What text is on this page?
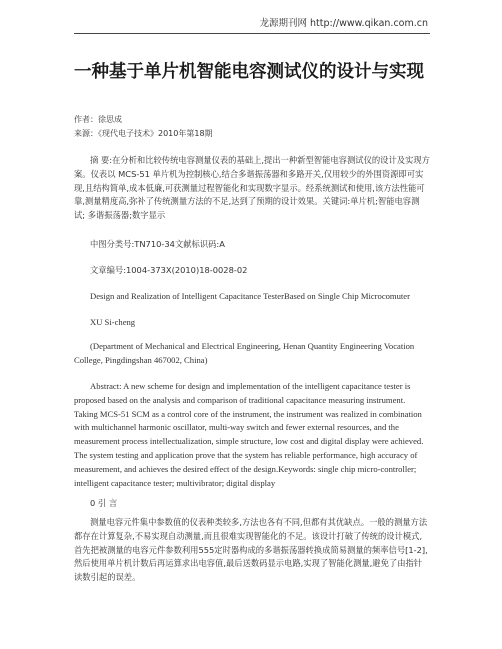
龙源期刊网 http://www.qikan.com.cn
一种基于单片机智能电容测试仪的设计与实现
作者：徐思成
来源：《现代电子技术》2010年第18期

摘 要:在分析和比较传统电容测量仪表的基础上,提出一种新型智能电容测试仪的设计及实现方案。仪表以 MCS-51 单片机为控制核心,结合多谐振荡器和多路开关,仅用较少的外围资源即可实现,且结构简单,成本低廉,可获测量过程智能化和实现数字显示。经系统测试和使用,该方法性能可靠,测量精度高,弥补了传统测量方法的不足,达到了预期的设计效果。关键词:单片机;智能电容测试; 多谐振荡器;数字显示

中图分类号:TN710-34文献标识码:A
文章编号:1004-373X(2010)18-0028-02
Design and Realization of Intelligent Capacitance TesterBased on Single Chip Microcomuter
XU Si-cheng

(Department of Mechanical and Electrical Engineering, Henan Quantity Engineering Vocation College, Pingdingshan 467002, China)

Abstract: A new scheme for design and implementation of the intelligent capacitance tester is proposed based on the analysis and comparison of traditional capacitance measuring instrument. Taking MCS-51 SCM as a control core of the instrument, the instrument was realized in combination with multichannel harmonic oscillator, multi-way switch and fewer external resources, and the measurement process intellectualization, simple structure, low cost and digital display were achieved. The system testing and application prove that the system has reliable performance, high accuracy of measurement, and achieves the desired effect of the design.Keywords: single chip micro-controller; intelligent capacitance tester; multivibrator; digital display

0 引 言

测量电容元件集中参数值的仪表种类较多,方法也各有不同,但都有其优缺点。一般的测量方法都存在计算复杂,不易实现自动测量,而且很难实现智能化的不足。该设计打破了传统的设计模式,首先把被测量的电容元件参数利用555定时器构成的多谐振荡器转换成简易测量的频率信号[1-2],然后使用单片机计数后再运算求出电容值,最后送数码显示电路,实现了智能化测量,避免了由指针读数引起的误差。
